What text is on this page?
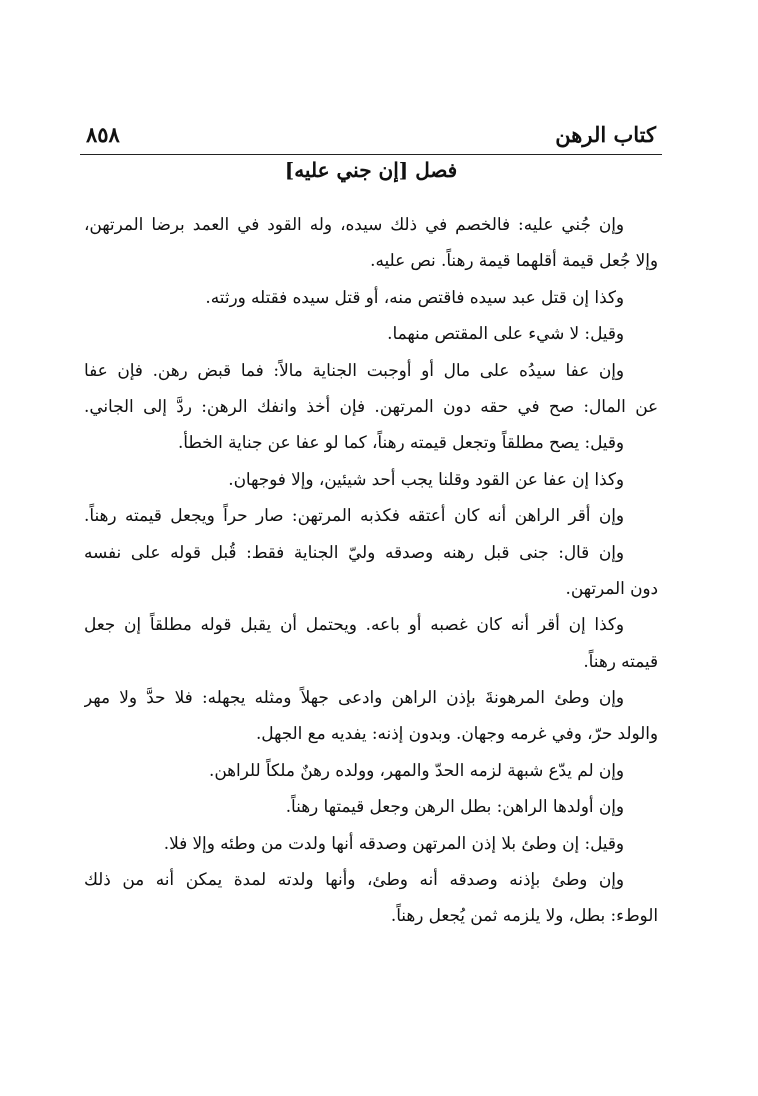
كتاب الرهن
٨٥٨
فصل [إن جني عليه]
وإن جُني عليه: فالخصم في ذلك سيده، وله القود في العمد برضا المرتهن،
وإلا جُعل قيمة أقلهما قيمة رهناً. نص عليه.
وكذا إن قتل عبد سيده فاقتص منه، أو قتل سيده فقتله ورثته.
وقيل: لا شيء على المقتص منهما.
وإن عفا سيدُه على مال أو أوجبت الجناية مالاً: فما قبض رهن. فإن عفا
عن المال: صح في حقه دون المرتهن. فإن أخذ وانفك الرهن: ردَّ إلى الجاني.
وقيل: يصح مطلقاً وتجعل قيمته رهناً، كما لو عفا عن جناية الخطأ.
وكذا إن عفا عن القود وقلنا يجب أحد شيئين، وإلا فوجهان.
وإن أقر الراهن أنه كان أعتقه فكذبه المرتهن: صار حراً ويجعل قيمته رهناً.
وإن قال: جنى قبل رهنه وصدقه وليّ الجناية فقط: قُبل قوله على نفسه
دون المرتهن.
وكذا إن أقر أنه كان غصبه أو باعه. ويحتمل أن يقبل قوله مطلقاً إن جعل
قيمته رهناً.
وإن وطئ المرهونةَ بإذن الراهن وادعى جهلاً ومثله يجهله: فلا حدَّ ولا مهر
والولد حرّ، وفي غرمه وجهان. وبدون إذنه: يفديه مع الجهل.
وإن لم يدّع شبهة لزمه الحدّ والمهر، وولده رهنٌ ملكاً للراهن.
وإن أولدها الراهن: بطل الرهن وجعل قيمتها رهناً.
وقيل: إن وطئ بلا إذن المرتهن وصدقه أنها ولدت من وطئه وإلا فلا.
وإن وطئ بإذنه وصدقه أنه وطئ، وأنها ولدته لمدة يمكن أنه من ذلك
الوطء: بطل، ولا يلزمه ثمن يُجعل رهناً.
